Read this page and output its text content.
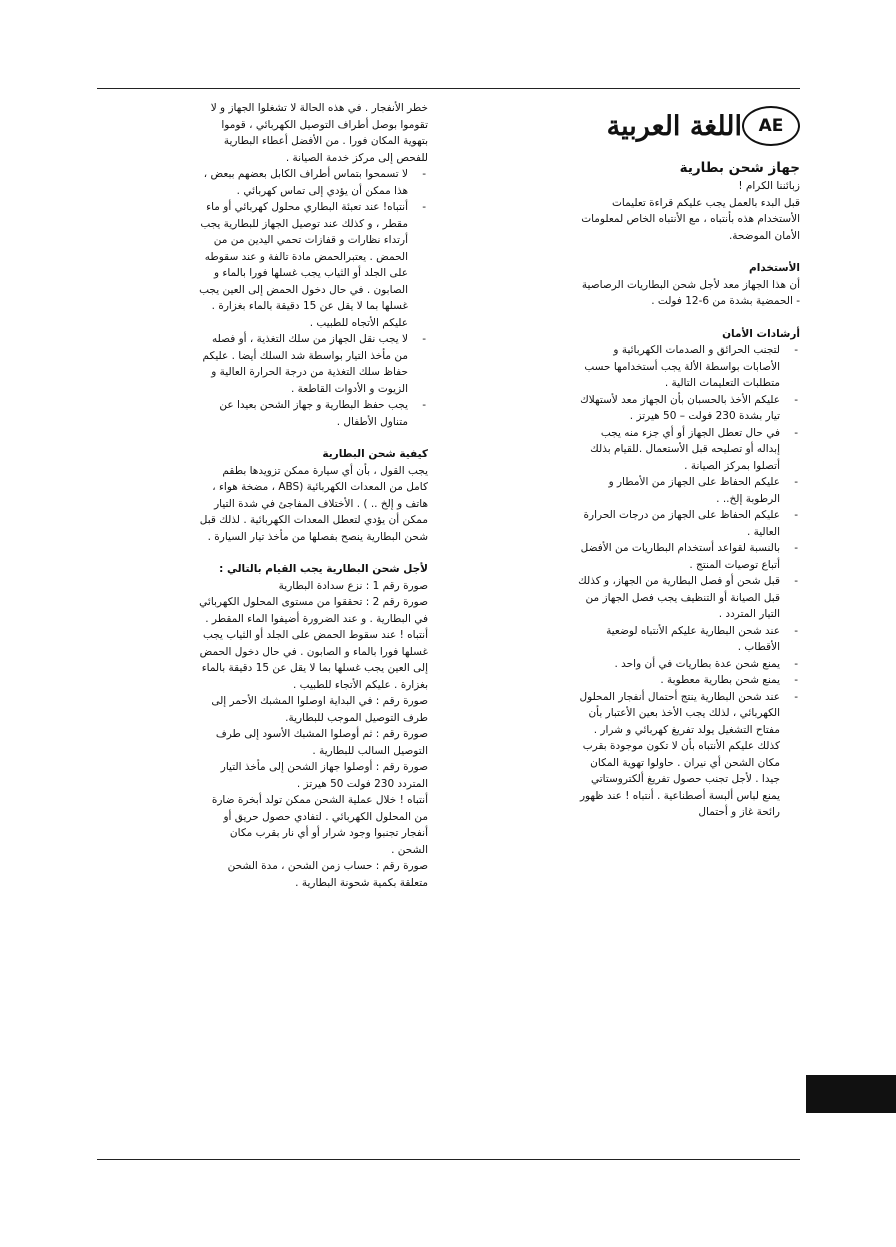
AE
اللغة العربية

جهاز شحن بطارية

زبائننا الكرام !

قبل البدء بالعمل يجب عليكم قراءة تعليمات الأستخدام هذه بأنتباه ، مع الأنتباه الخاص لمعلومات الأمان الموضحة.

الأستخدام

أن هذا الجهاز معد لأجل شحن البطاريات الرصاصية - الحمضية بشدة من 6-12 فولت .

أرشادات الأمان

- لتجنب الحرائق و الصدمات الكهربائية و الأصابات بواسطة الألة يجب أستخدامها حسب متطلبات التعليمات التالية .
- عليكم الأخذ بالحسبان بأن الجهاز معد لأستهلاك تيار بشدة 230 فولت – 50 هيرتز .
- في حال تعطل الجهاز أو أي جزء منه يجب إبداله أو تصليحه قبل الأستعمال .للقيام بذلك أتصلوا بمركز الصيانة .
- عليكم الحفاظ على الجهاز من الأمطار و الرطوبة إلخ.. .
- عليكم الحفاظ على الجهاز من درجات الحرارة العالية .
- بالنسبة لقواعد أستخدام البطاريات من الأفضل أتباع توصيات المنتج .
- قبل شحن أو فصل البطارية من الجهاز، و كذلك قبل الصيانة أو التنظيف يجب فصل الجهاز من التيار المتردد .
- عند شحن البطارية عليكم الأنتباه لوضعية الأقطاب .
- يمنع شحن عدة بطاريات في أن واحد .
- يمنع شحن بطارية معطوبة .
- عند شحن البطارية ينتج أحتمال أنفجار المحلول الكهربائي ، لذلك يجب الأخذ بعين الأعتبار بأن مفتاح التشغيل يولد تفريغ كهربائي و شرار . كذلك عليكم الأنتباه بأن لا تكون موجودة بقرب مكان الشحن أي نيران . حاولوا تهوية المكان جيدا . لأجل تجنب حصول تفريغ ألكتروستاتي يمنع لباس ألبسة أصطناعية . أنتباه ! عند ظهور رائحة غاز و أحتمال

خطر الأنفجار . في هذه الحالة لا تشغلوا الجهاز و لا تقوموا بوصل أطراف التوصيل الكهربائي ، قوموا بتهوية المكان فورا . من الأفضل أعطاء البطارية للفحص إلى مركز خدمة الصيانة .

- لا تسمحوا بتماس أطراف الكابل بعضهم ببعض ، هذا ممكن أن يؤدي إلى تماس كهربائي .
- أنتباه! عند تعبئة البطاري محلول كهربائي أو ماء مقطر ، و كذلك عند توصيل الجهاز للبطارية يجب أرتداء نظارات و قفازات تحمي اليدين من من الحمض . يعتبرالحمض مادة تالفة و عند سقوطه على الجلد أو الثياب يجب غسلها فورا بالماء و الصابون . في حال دخول الحمض إلى العين يجب غسلها بما لا يقل عن 15 دقيقة بالماء بغزارة . عليكم الأتجاه للطبيب .
- لا يجب نقل الجهاز من سلك التغذية ، أو فصله من مأخذ التيار بواسطة شد السلك أيضا . عليكم حفاظ سلك التغذية من درجة الحرارة العالية و الزيوت و الأدوات القاطعة .
- يجب حفظ البطارية و جهاز الشحن بعيدا عن متناول الأطفال .

كيفية شحن البطارية

يجب القول ، بأن أي سيارة ممكن تزويدها بطقم كامل من المعدات الكهربائية (ABS ، مضخة هواء ، هاتف و إلخ .. ) . الأختلاف المفاجئ في شدة التيار ممكن أن يؤدي لتعطل المعدات الكهربائية . لذلك قبل شحن البطارية ينصح بفصلها من مأخذ تيار السيارة .

لأجل شحن البطارية يجب القيام بالتالي :

صورة رقم 1 : نزع سدادة البطارية

صورة رقم 2 : تحققوا من مستوى المحلول الكهربائي في البطارية . و عند الضرورة أضيفوا الماء المقطر .

أنتباه ! عند سقوط الحمض على الجلد أو الثياب يجب غسلها فورا بالماء و الصابون . في حال دخول الحمض إلى العين يجب غسلها بما لا يقل عن 15 دقيقة بالماء بغزارة . عليكم الأتجاء للطبيب .

صورة رقم : في البداية اوصلوا المشبك الأحمر إلى طرف التوصيل الموجب للبطارية.

صورة رقم : ثم أوصلوا المشبك الأسود إلى طرف التوصيل السالب للبطارية .

صورة رقم : أوصلوا جهاز الشحن إلى مأخذ التيار المتردد 230 فولت 50 هيرتز .

أنتباه ! خلال عملية الشحن ممكن تولد أبخرة ضارة من المحلول الكهربائي . لتفادي حصول حريق أو أنفجار تجنبوا وجود شرار أو أي نار بقرب مكان الشحن .

صورة رقم : حساب زمن الشحن ، مدة الشحن متعلقة بكمية شحونة البطارية .
